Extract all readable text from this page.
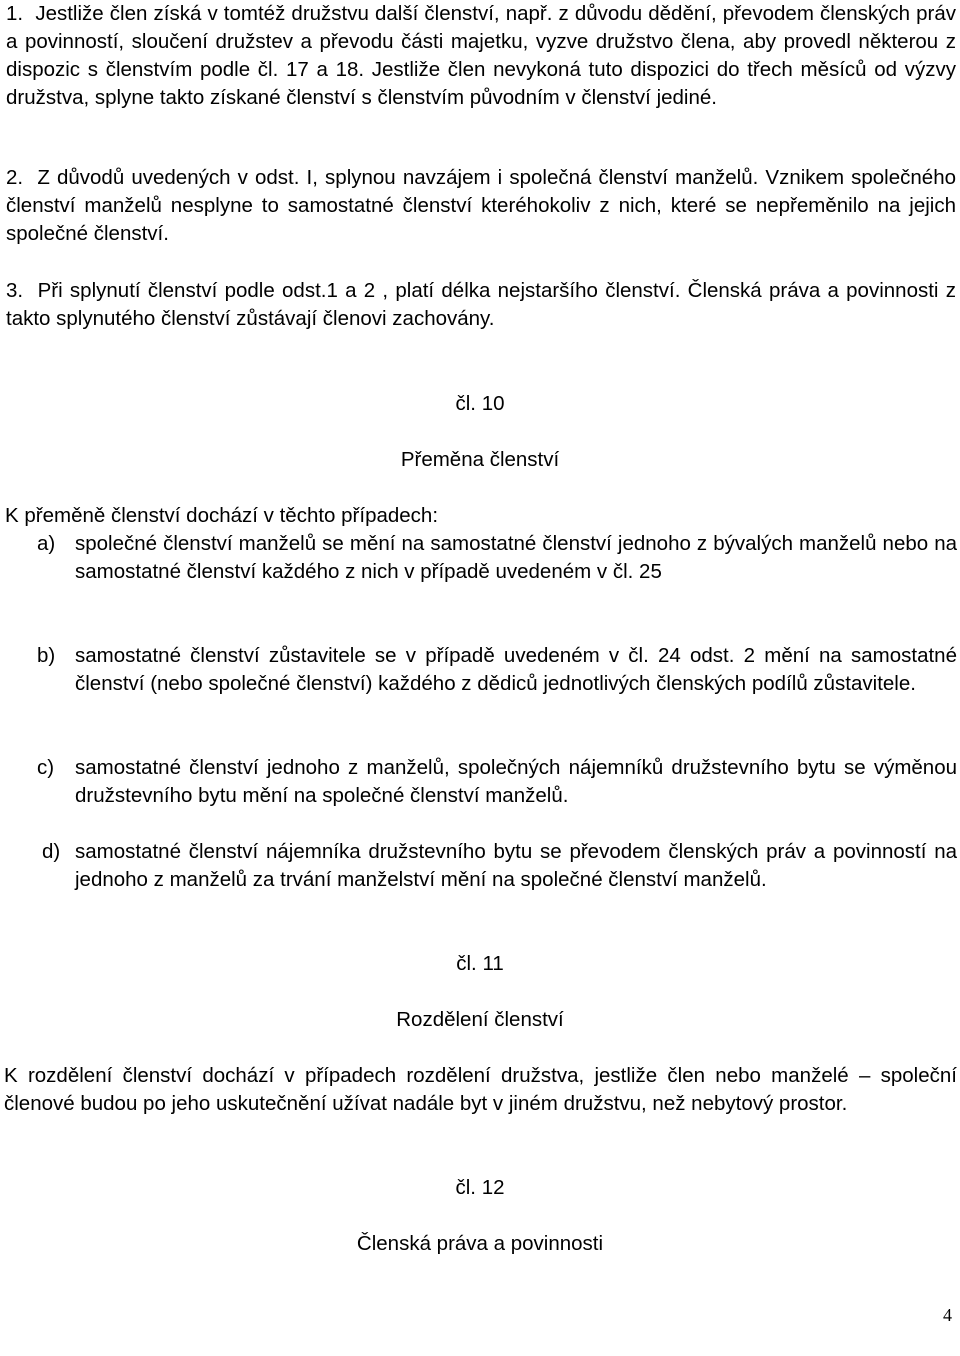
1. Jestliže člen získá v tomtéž družstvu další členství, např. z důvodu dědění, převodem členských práv a povinností, sloučení družstev a převodu části majetku, vyzve družstvo člena, aby provedl některou z dispozic s členstvím podle čl. 17 a 18. Jestliže člen nevykoná tuto dispozici do třech měsíců od výzvy družstva, splyne takto získané členství s členstvím původním v členství jediné.

2. Z důvodů uvedených v odst. I, splynou navzájem i společná členství manželů. Vznikem společného členství manželů nesplyne to samostatné členství kteréhokoliv z nich, které se nepřeměnilo na jejich společné členství.

3. Při splynutí členství podle odst.1 a 2 , platí délka nejstaršího členství. Členská práva a povinnosti z takto splynutého členství zůstávají členovi zachovány.

čl. 10
Přeměna členství
K přeměně členství dochází v těchto případech:
a) společné členství manželů se mění na samostatné členství jednoho z bývalých manželů nebo na samostatné členství každého z nich v případě uvedeném v čl. 25
b) samostatné členství zůstavitele se v případě uvedeném v čl. 24 odst. 2 mění na samostatné členství (nebo společné členství) každého z dědiců jednotlivých členských podílů zůstavitele.
c) samostatné členství jednoho z manželů, společných nájemníků družstevního bytu se výměnou družstevního bytu mění na společné členství manželů.
d) samostatné členství nájemníka družstevního bytu se převodem členských práv a povinností na jednoho z manželů za trvání manželství mění na společné členství manželů.
čl. 11
Rozdělení členství
K rozdělení členství dochází v případech rozdělení družstva, jestliže člen nebo manželé – společní členové budou po jeho uskutečnění užívat nadále byt v jiném družstvu, než nebytový prostor.
čl. 12
Členská práva a povinnosti
4
